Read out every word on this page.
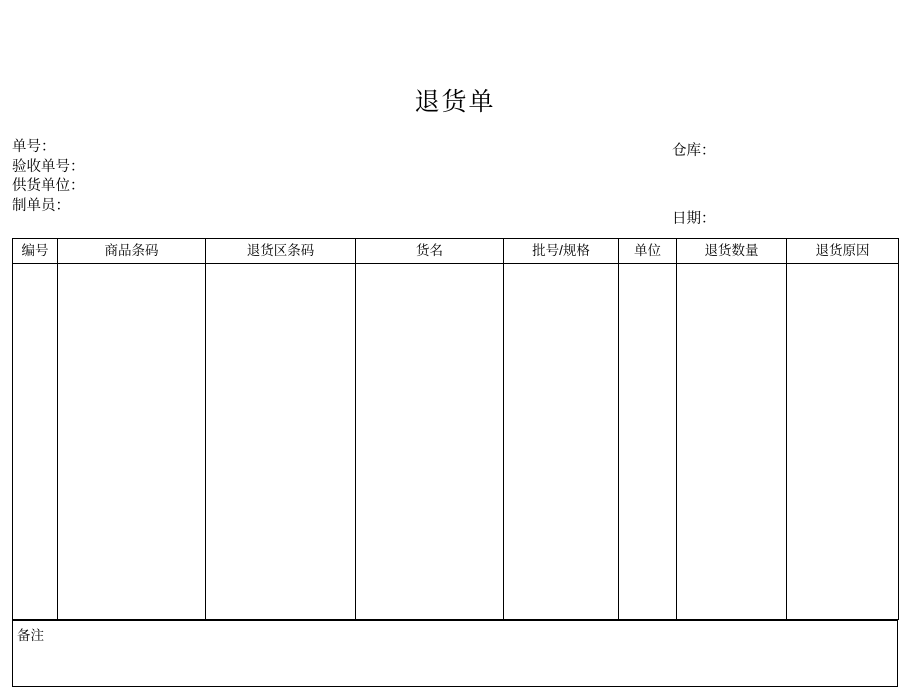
退货单
单号：
验收单号：
供货单位：
制单员：
仓库：
日期：
编号	商品条码	退货区条码	货名	批号/规格	单位	退货数量	退货原因

备注
